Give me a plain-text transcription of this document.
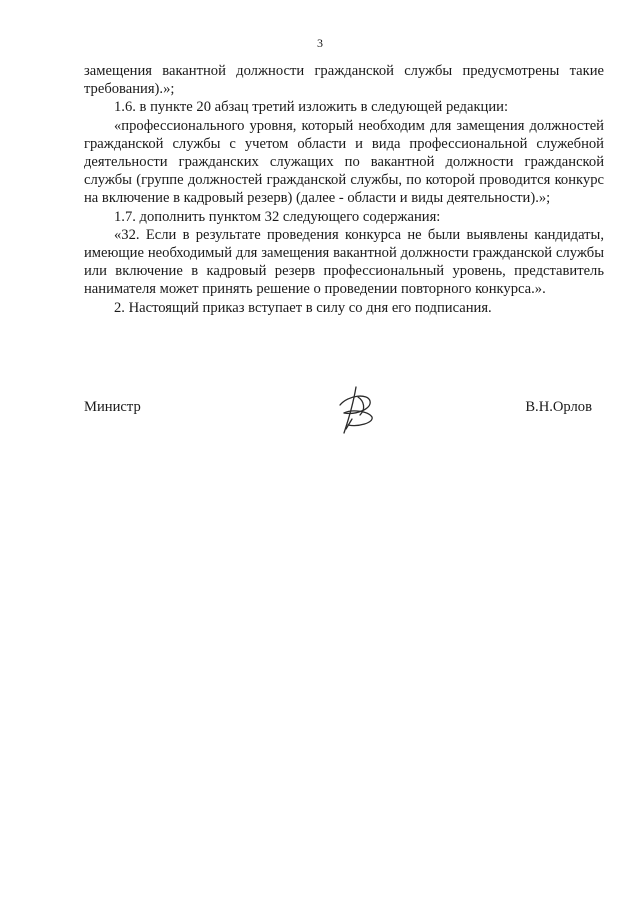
3

замещения вакантной должности гражданской службы предусмотрены такие требования).»;

1.6. в пункте 20 абзац третий изложить в следующей редакции:

«профессионального уровня, который необходим для замещения должностей гражданской службы с учетом области и вида профессиональной служебной деятельности гражданских служащих по вакантной должности гражданской службы (группе должностей гражданской службы, по которой проводится конкурс на включение в кадровый резерв) (далее - области и виды деятельности).»;

1.7. дополнить пунктом 32 следующего содержания:

«32. Если в результате проведения конкурса не были выявлены кандидаты, имеющие необходимый для замещения вакантной должности гражданской службы или включение в кадровый резерв профессиональный уровень, представитель нанимателя может принять решение о проведении повторного конкурса.».

2. Настоящий приказ вступает в силу со дня его подписания.

Министр	В.Н.Орлов
